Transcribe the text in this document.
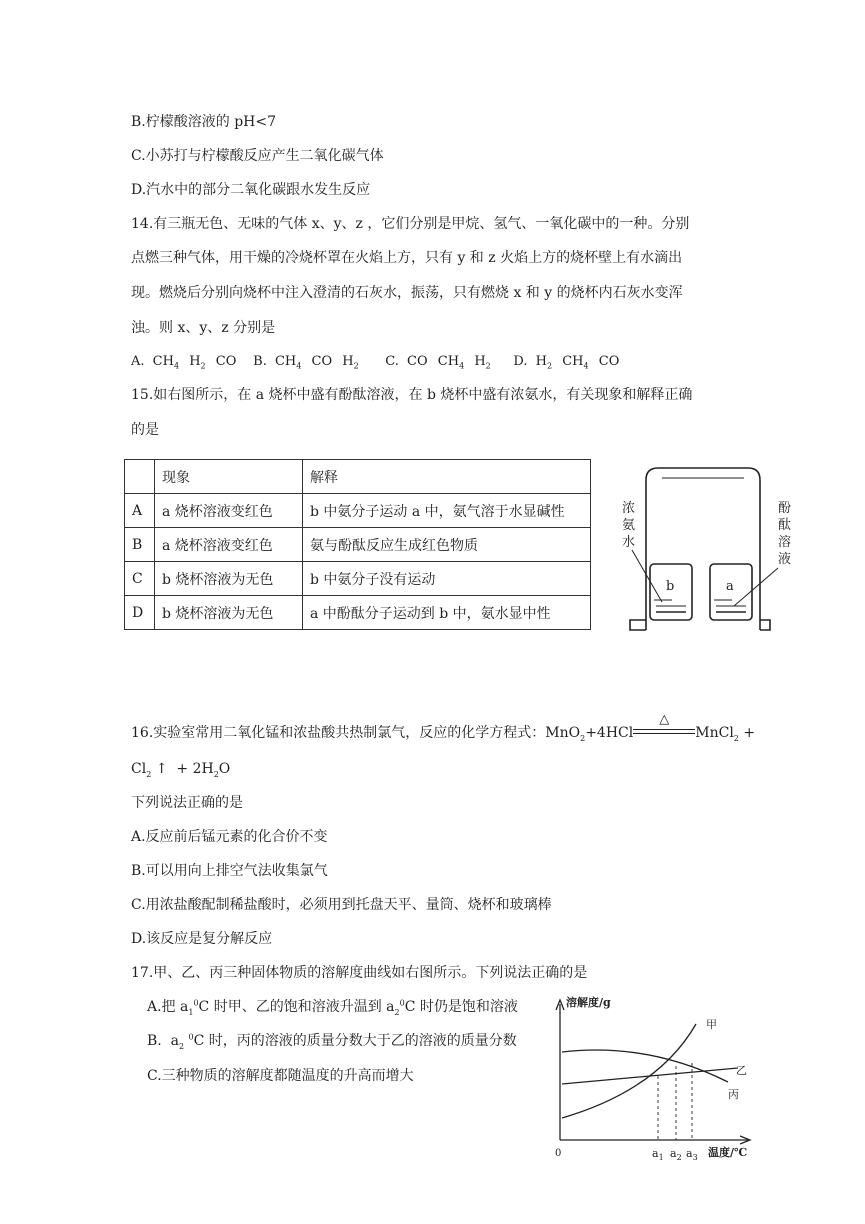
B.柠檬酸溶液的 pH<7
C.小苏打与柠檬酸反应产生二氧化碳气体
D.汽水中的部分二氧化碳跟水发生反应
14.有三瓶无色、无味的气体 x、y、z ，它们分别是甲烷、氢气、一氧化碳中的一种。分别
点燃三种气体，用干燥的冷烧杯罩在火焰上方，只有 y 和 z 火焰上方的烧杯壁上有水滴出
现。燃烧后分别向烧杯中注入澄清的石灰水，振荡，只有燃烧 x 和 y 的烧杯内石灰水变浑
浊。则 x、y、z 分别是
A. $CH_4$ $H_2$ CO B. $CH_4$ CO $H_2$ C. CO $CH_4$ $H_2$ D. $H_2$ $CH_4$ CO
15.如右图所示，在 a 烧杯中盛有酚酞溶液，在 b 烧杯中盛有浓氨水，有关现象和解释正确
的是
	现象	解释
A	a 烧杯溶液变红色	b 中氨分子运动 a 中，氨气溶于水显碱性
B	a 烧杯溶液变红色	氨与酚酞反应生成红色物质
C	b 烧杯溶液为无色	b 中氨分子没有运动
D	b 烧杯溶液为无色	a 中酚酞分子运动到 b 中，氨水显中性
浓
氨
水
酚
酞
溶
液
b	a
16.实验室常用二氧化锰和浓盐酸共热制氯气，反应的化学方程式：MnO$_2$+4HCl
△
MnCl$_2$ +
$Cl_2$ ↑  + $2H_2O$
下列说法正确的是
A.反应前后锰元素的化合价不变
B.可以用向上排空气法收集氯气
C.用浓盐酸配制稀盐酸时，必须用到托盘天平、量筒、烧杯和玻璃棒
D.该反应是复分解反应
17.甲、乙、丙三种固体物质的溶解度曲线如右图所示。下列说法正确的是
A.把 $a_1^0C$ 时甲、乙的饱和溶液升温到 $a_2^0C$ 时仍是饱和溶液
B.  $a_2$ $^0$C 时，丙的溶液的质量分数大于乙的溶液的质量分数
C.三种物质的溶解度都随温度的升高而增大
溶解度/g
温度/℃
0
甲
乙
丙
$a_1$ $a_2$ $a_3$
